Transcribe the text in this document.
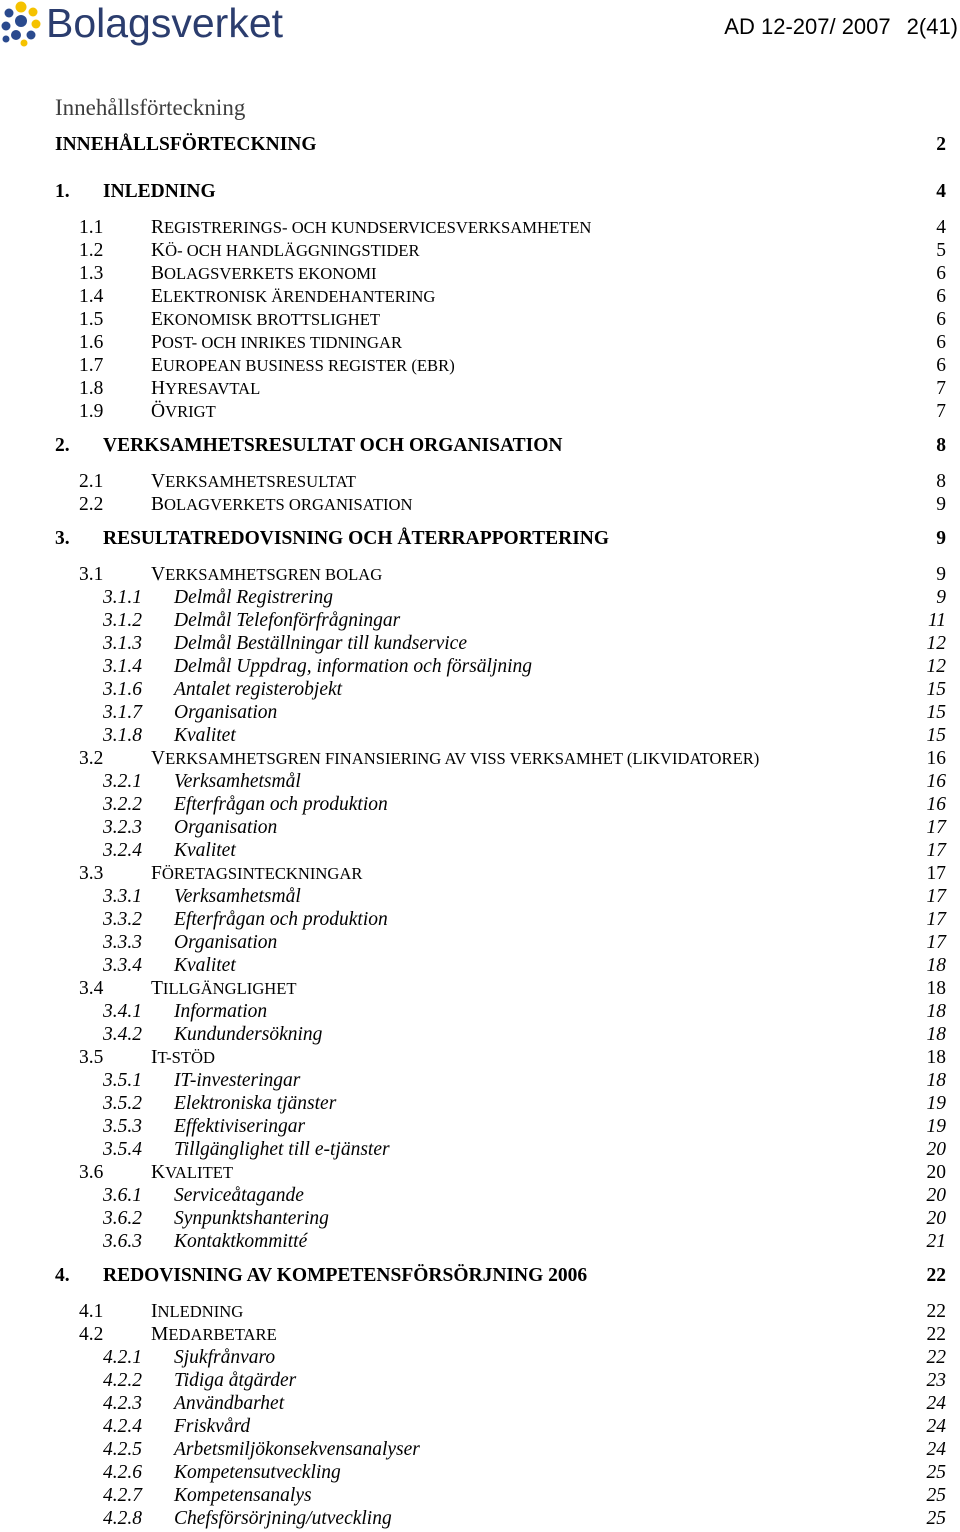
Bolagsverket	AD 12-207/ 2007 2(41)
Innehållsförteckning
INNEHÅLLSFÖRTECKNING	2
1. INLEDNING	4
1.1	REGISTRERINGS- OCH KUNDSERVICESVERKSAMHETEN	4
1.2	KÖ- OCH HANDLÄGGNINGSTIDER	5
1.3	BOLAGSVERKETS EKONOMI	6
1.4	ELEKTRONISK ÄRENDEHANTERING	6
1.5	EKONOMISK BROTTSLIGHET	6
1.6	POST- OCH INRIKES TIDNINGAR	6
1.7	EUROPEAN BUSINESS REGISTER (EBR)	6
1.8	HYRESAVTAL	7
1.9	ÖVRIGT	7
2. VERKSAMHETSRESULTAT OCH ORGANISATION	8
2.1	VERKSAMHETSRESULTAT	8
2.2	BOLAGVERKETS ORGANISATION	9
3. RESULTATREDOVISNING OCH ÅTERRAPPORTERING	9
3.1	VERKSAMHETSGREN BOLAG	9
3.1.1 Delmål Registrering	9
3.1.2 Delmål Telefonförfrågningar	11
3.1.3 Delmål Beställningar till kundservice	12
3.1.4 Delmål Uppdrag, information och försäljning	12
3.1.6 Antalet registerobjekt	15
3.1.7 Organisation	15
3.1.8 Kvalitet	15
3.2	VERKSAMHETSGREN FINANSIERING AV VISS VERKSAMHET (LIKVIDATORER)	16
3.2.1 Verksamhetsmål	16
3.2.2 Efterfrågan och produktion	16
3.2.3 Organisation	17
3.2.4 Kvalitet	17
3.3	FÖRETAGSINTECKNINGAR	17
3.3.1 Verksamhetsmål	17
3.3.2 Efterfrågan och produktion	17
3.3.3 Organisation	17
3.3.4 Kvalitet	18
3.4	TILLGÄNGLIGHET	18
3.4.1 Information	18
3.4.2 Kundundersökning	18
3.5	IT-STÖD	18
3.5.1 IT-investeringar	18
3.5.2 Elektroniska tjänster	19
3.5.3 Effektiviseringar	19
3.5.4 Tillgänglighet till e-tjänster	20
3.6	KVALITET	20
3.6.1 Serviceåtagande	20
3.6.2 Synpunktshantering	20
3.6.3 Kontaktkommitté	21
4. REDOVISNING AV KOMPETENSFÖRSÖRJNING 2006	22
4.1	INLEDNING	22
4.2	MEDARBETARE	22
4.2.1 Sjukfrånvaro	22
4.2.2 Tidiga åtgärder	23
4.2.3 Användbarhet	24
4.2.4 Friskvård	24
4.2.5 Arbetsmiljökonsekvensanalyser	24
4.2.6 Kompetensutveckling	25
4.2.7 Kompetensanalys	25
4.2.8 Chefsförsörjning/utveckling	25
